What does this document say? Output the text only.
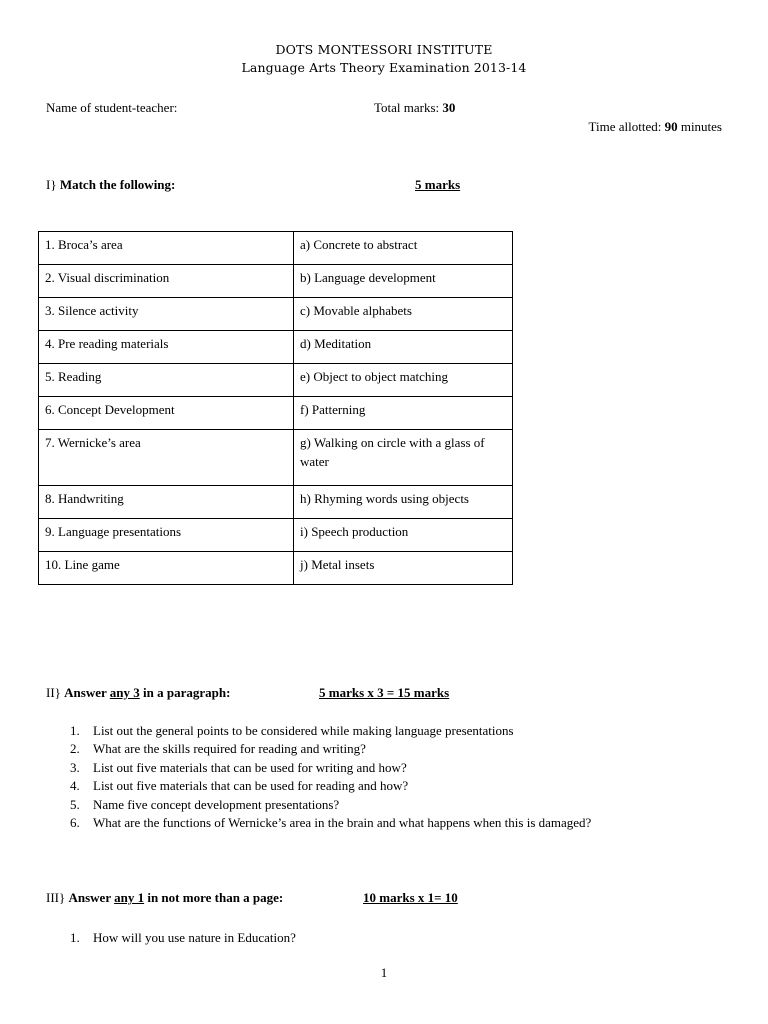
DOTS MONTESSORI INSTITUTE
Language Arts Theory Examination 2013-14
Name of student-teacher:	Total marks: 30
Time allotted: 90 minutes
I} Match the following:	5 marks
1. Broca’s area	a) Concrete to abstract
2. Visual discrimination	b) Language development
3. Silence activity	c) Movable alphabets
4. Pre reading materials	d) Meditation
5. Reading	e) Object to object matching
6. Concept Development	f) Patterning
7. Wernicke’s area	g) Walking on circle with a glass of water
8. Handwriting	h) Rhyming words using objects
9. Language presentations	i) Speech production
10. Line game	j) Metal insets
II} Answer any 3 in a paragraph:	5 marks x 3 = 15 marks
1. List out the general points to be considered while making language presentations
2. What are the skills required for reading and writing?
3. List out five materials that can be used for writing and how?
4. List out five materials that can be used for reading and how?
5. Name five concept development presentations?
6. What are the functions of Wernicke’s area in the brain and what happens when this is damaged?
III} Answer any 1 in not more than a page:	10 marks x 1= 10
1. How will you use nature in Education?
1
